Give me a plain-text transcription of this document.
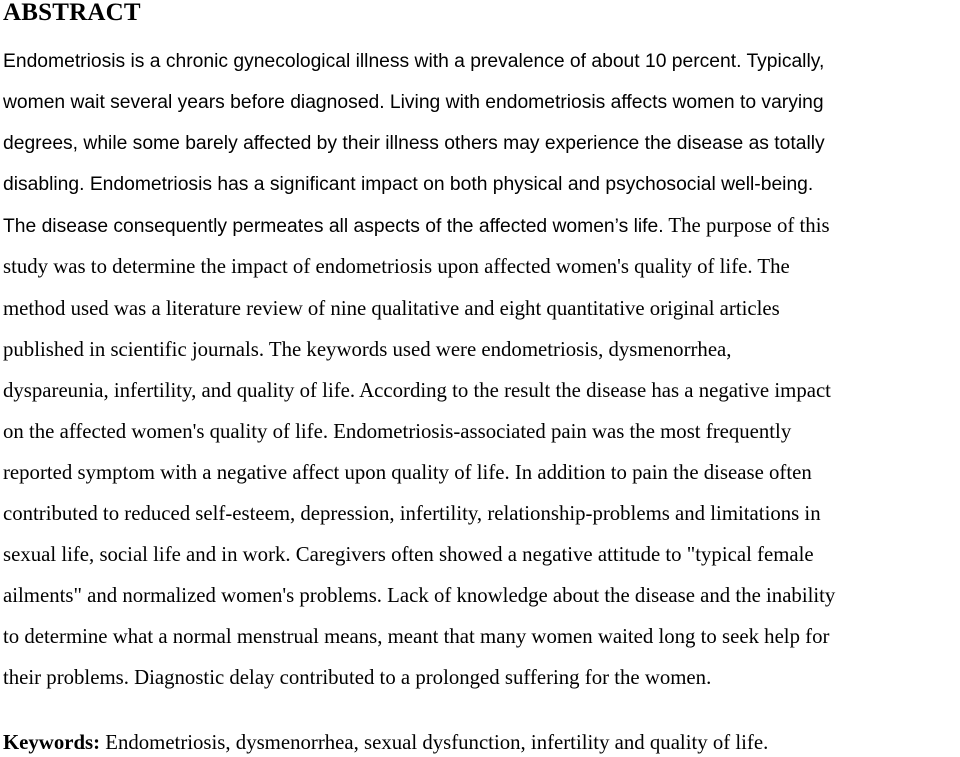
ABSTRACT
Endometriosis is a chronic gynecological illness with a prevalence of about 10 percent. Typically,
women wait several years before diagnosed. Living with endometriosis affects women to varying
degrees, while some barely affected by their illness others may experience the disease as totally
disabling. Endometriosis has a significant impact on both physical and psychosocial well-being.
The disease consequently permeates all aspects of the affected women’s life. The purpose of this
study was to determine the impact of endometriosis upon affected women's quality of life. The
method used was a literature review of nine qualitative and eight quantitative original articles
published in scientific journals. The keywords used were endometriosis, dysmenorrhea,
dyspareunia, infertility, and quality of life. According to the result the disease has a negative impact
on the affected women's quality of life. Endometriosis-associated pain was the most frequently
reported symptom with a negative affect upon quality of life. In addition to pain the disease often
contributed to reduced self-esteem, depression, infertility, relationship-problems and limitations in
sexual life, social life and in work. Caregivers often showed a negative attitude to "typical female
ailments" and normalized women's problems. Lack of knowledge about the disease and the inability
to determine what a normal menstrual means, meant that many women waited long to seek help for
their problems. Diagnostic delay contributed to a prolonged suffering for the women.

Keywords: Endometriosis, dysmenorrhea, sexual dysfunction, infertility and quality of life.
